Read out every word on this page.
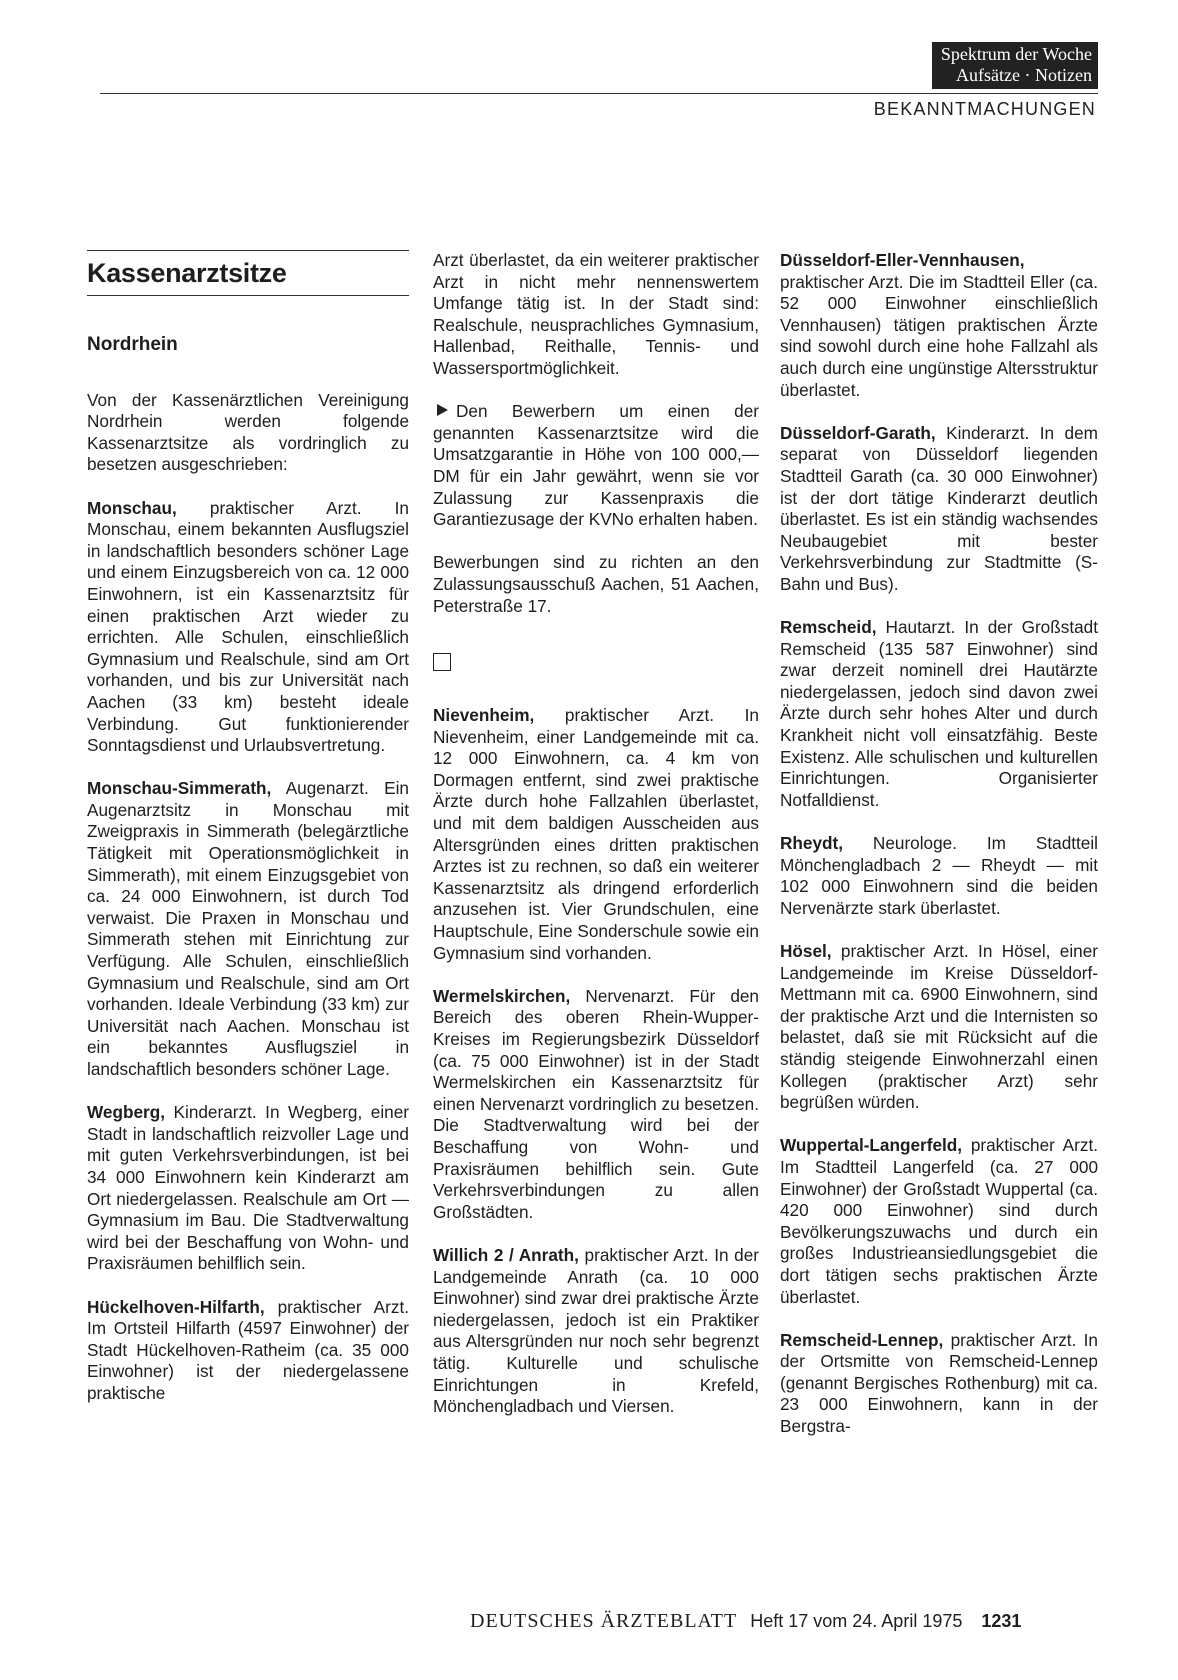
Spektrum der Woche
Aufsätze · Notizen
BEKANNTMACHUNGEN
Kassenarztsitze
Nordrhein

Von der Kassenärztlichen Vereinigung Nordrhein werden folgende Kassenarztsitze als vordringlich zu besetzen ausgeschrieben:

Monschau, praktischer Arzt. In Monschau, einem bekannten Ausflugsziel in landschaftlich besonders schöner Lage und einem Einzugsbereich von ca. 12 000 Einwohnern, ist ein Kassenarztsitz für einen praktischen Arzt wieder zu errichten. Alle Schulen, einschließlich Gymnasium und Realschule, sind am Ort vorhanden, und bis zur Universität nach Aachen (33 km) besteht ideale Verbindung. Gut funktionierender Sonntagsdienst und Urlaubsvertretung.

Monschau-Simmerath, Augenarzt. Ein Augenarztsitz in Monschau mit Zweigpraxis in Simmerath (belegärztliche Tätigkeit mit Operationsmöglichkeit in Simmerath), mit einem Einzugsgebiet von ca. 24 000 Einwohnern, ist durch Tod verwaist. Die Praxen in Monschau und Simmerath stehen mit Einrichtung zur Verfügung. Alle Schulen, einschließlich Gymnasium und Realschule, sind am Ort vorhanden. Ideale Verbindung (33 km) zur Universität nach Aachen. Monschau ist ein bekanntes Ausflugsziel in landschaftlich besonders schöner Lage.

Wegberg, Kinderarzt. In Wegberg, einer Stadt in landschaftlich reizvoller Lage und mit guten Verkehrsverbindungen, ist bei 34 000 Einwohnern kein Kinderarzt am Ort niedergelassen. Realschule am Ort — Gymnasium im Bau. Die Stadtverwaltung wird bei der Beschaffung von Wohn- und Praxisräumen behilflich sein.

Hückelhoven-Hilfarth, praktischer Arzt. Im Ortsteil Hilfarth (4597 Einwohner) der Stadt Hückelhoven-Ratheim (ca. 35 000 Einwohner) ist der niedergelassene praktische

Arzt überlastet, da ein weiterer praktischer Arzt in nicht mehr nennenswertem Umfange tätig ist. In der Stadt sind: Realschule, neusprachliches Gymnasium, Hallenbad, Reithalle, Tennis- und Wassersportmöglichkeit.

Den Bewerbern um einen der genannten Kassenarztsitze wird die Umsatzgarantie in Höhe von 100 000,— DM für ein Jahr gewährt, wenn sie vor Zulassung zur Kassenpraxis die Garantiezusage der KVNo erhalten haben.

Bewerbungen sind zu richten an den Zulassungsausschuß Aachen, 51 Aachen, Peterstraße 17.

Nievenheim, praktischer Arzt. In Nievenheim, einer Landgemeinde mit ca. 12 000 Einwohnern, ca. 4 km von Dormagen entfernt, sind zwei praktische Ärzte durch hohe Fallzahlen überlastet, und mit dem baldigen Ausscheiden aus Altersgründen eines dritten praktischen Arztes ist zu rechnen, so daß ein weiterer Kassenarztsitz als dringend erforderlich anzusehen ist. Vier Grundschulen, eine Hauptschule, Eine Sonderschule sowie ein Gymnasium sind vorhanden.

Wermelskirchen, Nervenarzt. Für den Bereich des oberen Rhein-Wupper-Kreises im Regierungsbezirk Düsseldorf (ca. 75 000 Einwohner) ist in der Stadt Wermelskirchen ein Kassenarztsitz für einen Nervenarzt vordringlich zu besetzen. Die Stadtverwaltung wird bei der Beschaffung von Wohn- und Praxisräumen behilflich sein. Gute Verkehrsverbindungen zu allen Großstädten.

Willich 2 / Anrath, praktischer Arzt. In der Landgemeinde Anrath (ca. 10 000 Einwohner) sind zwar drei praktische Ärzte niedergelassen, jedoch ist ein Praktiker aus Altersgründen nur noch sehr begrenzt tätig. Kulturelle und schulische Einrichtungen in Krefeld, Mönchengladbach und Viersen.

Düsseldorf-Eller-Vennhausen, praktischer Arzt. Die im Stadtteil Eller (ca. 52 000 Einwohner einschließlich Vennhausen) tätigen praktischen Ärzte sind sowohl durch eine hohe Fallzahl als auch durch eine ungünstige Altersstruktur überlastet.

Düsseldorf-Garath, Kinderarzt. In dem separat von Düsseldorf liegenden Stadtteil Garath (ca. 30 000 Einwohner) ist der dort tätige Kinderarzt deutlich überlastet. Es ist ein ständig wachsendes Neubaugebiet mit bester Verkehrsverbindung zur Stadtmitte (S-Bahn und Bus).

Remscheid, Hautarzt. In der Großstadt Remscheid (135 587 Einwohner) sind zwar derzeit nominell drei Hautärzte niedergelassen, jedoch sind davon zwei Ärzte durch sehr hohes Alter und durch Krankheit nicht voll einsatzfähig. Beste Existenz. Alle schulischen und kulturellen Einrichtungen. Organisierter Notfalldienst.

Rheydt, Neurologe. Im Stadtteil Mönchengladbach 2 — Rheydt — mit 102 000 Einwohnern sind die beiden Nervenärzte stark überlastet.

Hösel, praktischer Arzt. In Hösel, einer Landgemeinde im Kreise Düsseldorf-Mettmann mit ca. 6900 Einwohnern, sind der praktische Arzt und die Internisten so belastet, daß sie mit Rücksicht auf die ständig steigende Einwohnerzahl einen Kollegen (praktischer Arzt) sehr begrüßen würden.

Wuppertal-Langerfeld, praktischer Arzt. Im Stadtteil Langerfeld (ca. 27 000 Einwohner) der Großstadt Wuppertal (ca. 420 000 Einwohner) sind durch Bevölkerungszuwachs und durch ein großes Industrieansiedlungsgebiet die dort tätigen sechs praktischen Ärzte überlastet.

Remscheid-Lennep, praktischer Arzt. In der Ortsmitte von Remscheid-Lennep (genannt Bergisches Rothenburg) mit ca. 23 000 Einwohnern, kann in der Bergstra-

DEUTSCHES ÄRZTEBLATT Heft 17 vom 24. April 1975 1231
